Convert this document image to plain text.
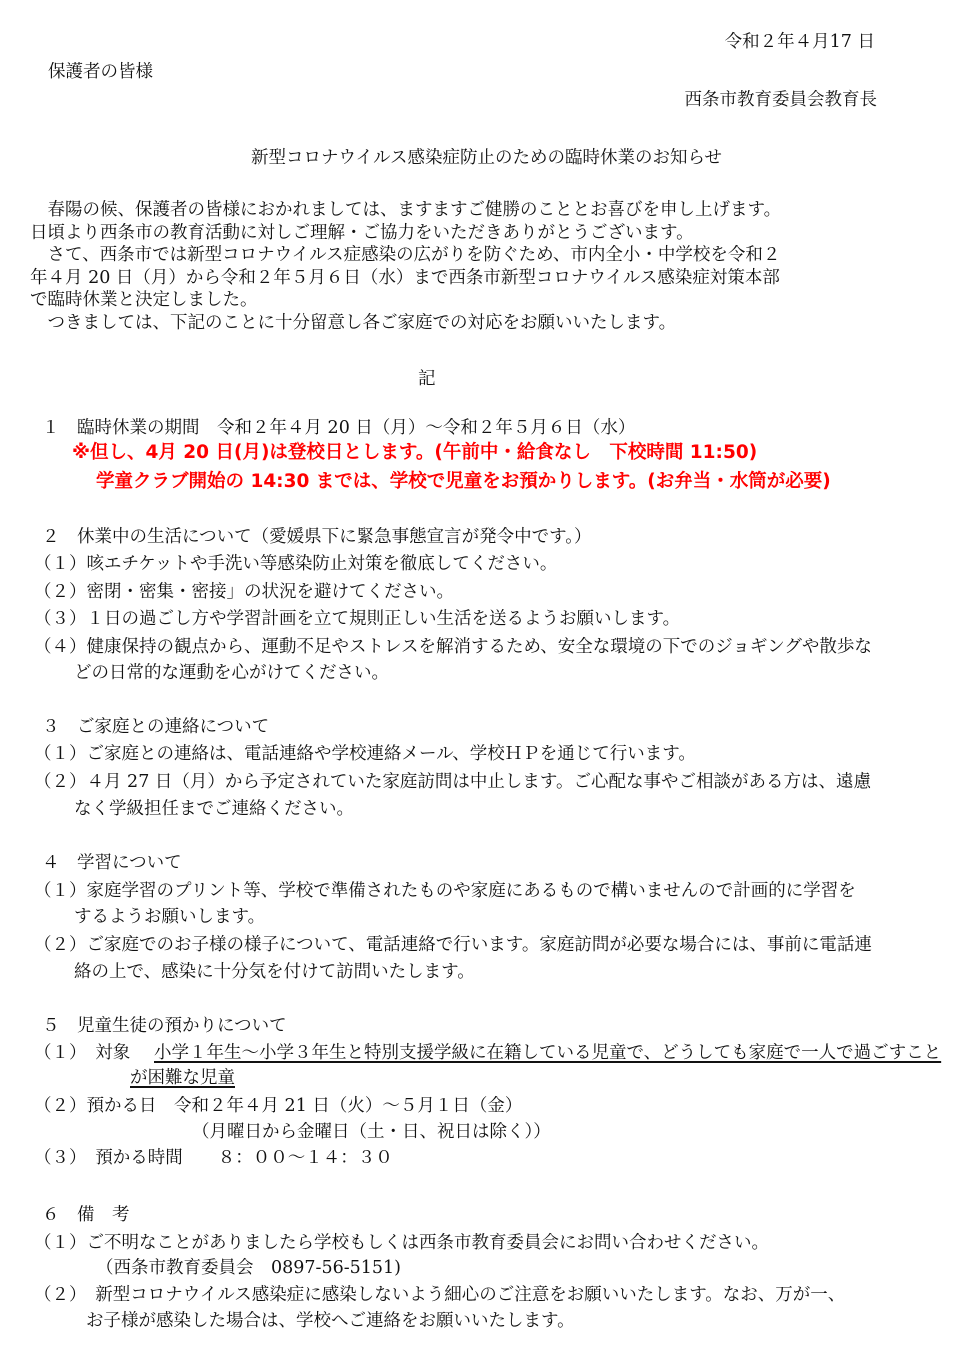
令和２年４月17 日
保護者の皆様
西条市教育委員会教育長
新型コロナウイルス感染症防止のための臨時休業のお知らせ

　春陽の候、保護者の皆様におかれましては、ますますご健勝のこととお喜びを申し上げます。

日頃より西条市の教育活動に対しご理解・ご協力をいただきありがとうございます。

　さて、西条市では新型コロナウイルス症感染の広がりを防ぐため、市内全小・中学校を令和２

年４月 20 日（月）から令和２年５月６日（水）まで西条市新型コロナウイルス感染症対策本部

で臨時休業と決定しました。

　つきましては、下記のことに十分留意し各ご家庭での対応をお願いいたします。

記
１　臨時休業の期間　令和２年４月 20 日（月）～令和２年５月６日（水）
※但し、4月 20 日(月)は登校日とします。(午前中・給食なし　下校時間 11:50)
学童クラブ開始の 14:30 までは、学校で児童をお預かりします。(お弁当・水筒が必要)
２　休業中の生活について（愛媛県下に緊急事態宣言が発令中です。）
（１）咳エチケットや手洗い等感染防止対策を徹底してください。
（２）密閉・密集・密接」の状況を避けてください。
（３）１日の過ごし方や学習計画を立て規則正しい生活を送るようお願いします。
（４）健康保持の観点から、運動不足やストレスを解消するため、安全な環境の下でのジョギングや散歩な
どの日常的な運動を心がけてください。
３　ご家庭との連絡について
（１）ご家庭との連絡は、電話連絡や学校連絡メール、学校ＨＰを通じて行います。
（２）４月 27 日（月）から予定されていた家庭訪問は中止します。ご心配な事やご相談がある方は、遠慮
なく学級担任までご連絡ください。
４　学習について
（１）家庭学習のプリント等、学校で準備されたものや家庭にあるもので構いませんので計画的に学習を
するようお願いします。
（２）ご家庭でのお子様の様子について、電話連絡で行います。家庭訪問が必要な場合には、事前に電話連
絡の上で、感染に十分気を付けて訪問いたします。
５　児童生徒の預かりについて
（１）　対象 小学１年生～小学３年生と特別支援学級に在籍している児童で、どうしても家庭で一人で過ごすこと
が困難な児童
（２）預かる日　令和２年４月 21 日（火）～５月１日（金）
（月曜日から金曜日（土・日、祝日は除く））
（３）　預かる時間　　８：００～１４：３０
６　備　考
（１）ご不明なことがありましたら学校もしくは西条市教育委員会にお問い合わせください。
（西条市教育委員会　0897-56-5151)
（２）　新型コロナウイルス感染症に感染しないよう細心のご注意をお願いいたします。なお、万が一、
お子様が感染した場合は、学校へご連絡をお願いいたします。
